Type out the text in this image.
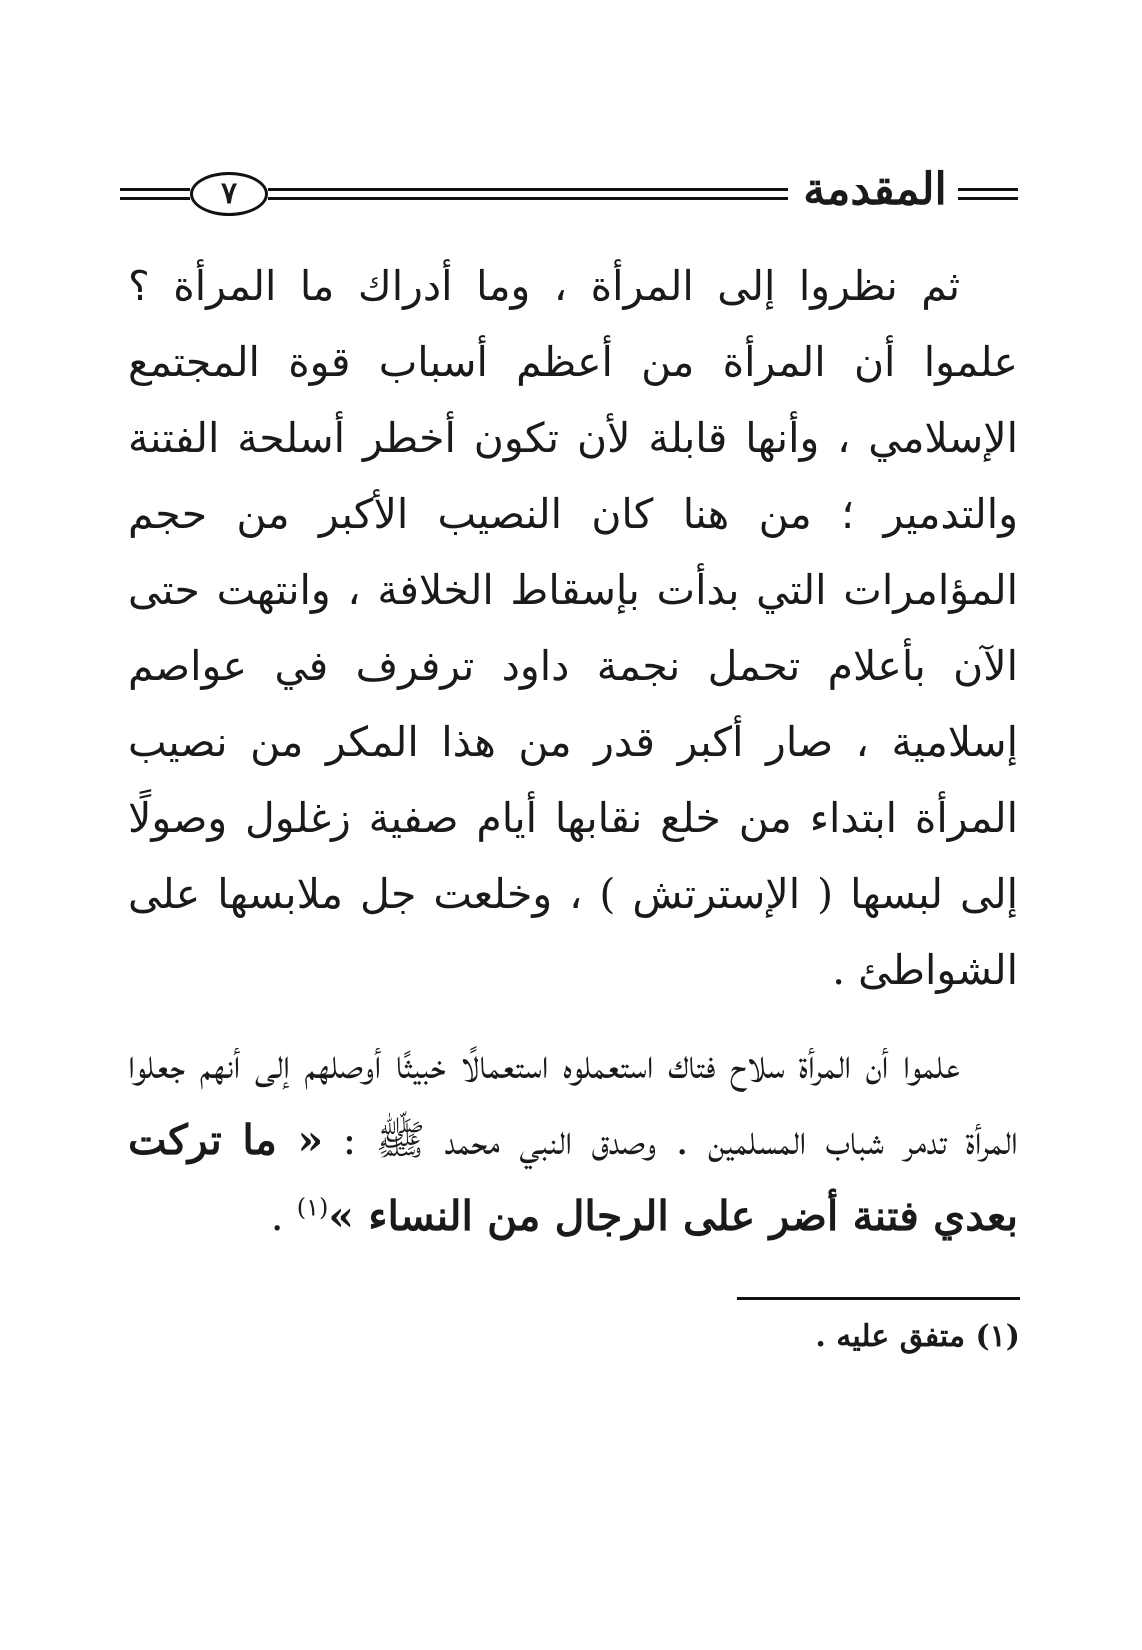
المقدمة
٧

ثم نظروا إلى المرأة ، وما أدراك ما المرأة ؟ علموا أن المرأة من أعظم أسباب قوة المجتمع الإسلامي ، وأنها قابلة لأن تكون أخطر أسلحة الفتنة والتدمير ؛ من هنا كان النصيب الأكبر من حجم المؤامرات التي بدأت بإسقاط الخلافة ، وانتهت حتى الآن بأعلام تحمل نجمة داود ترفرف في عواصم إسلامية ، صار أكبر قدر من هذا المكر من نصيب المرأة ابتداء من خلع نقابها أيام صفية زغلول وصولًا إلى لبسها ( الإسترتش ) ، وخلعت جل ملابسها على الشواطئ .

علموا أن المرأة سلاح فتاك استعملوه استعمالًا خبيثًا أوصلهم إلى أنهم جعلوا المرأة تدمر شباب المسلمين . وصدق النبي محمد ﷺ : « ما تركت بعدي فتنة أضر على الرجال من النساء »$^{(١)}$ .

(١) متفق عليه .
